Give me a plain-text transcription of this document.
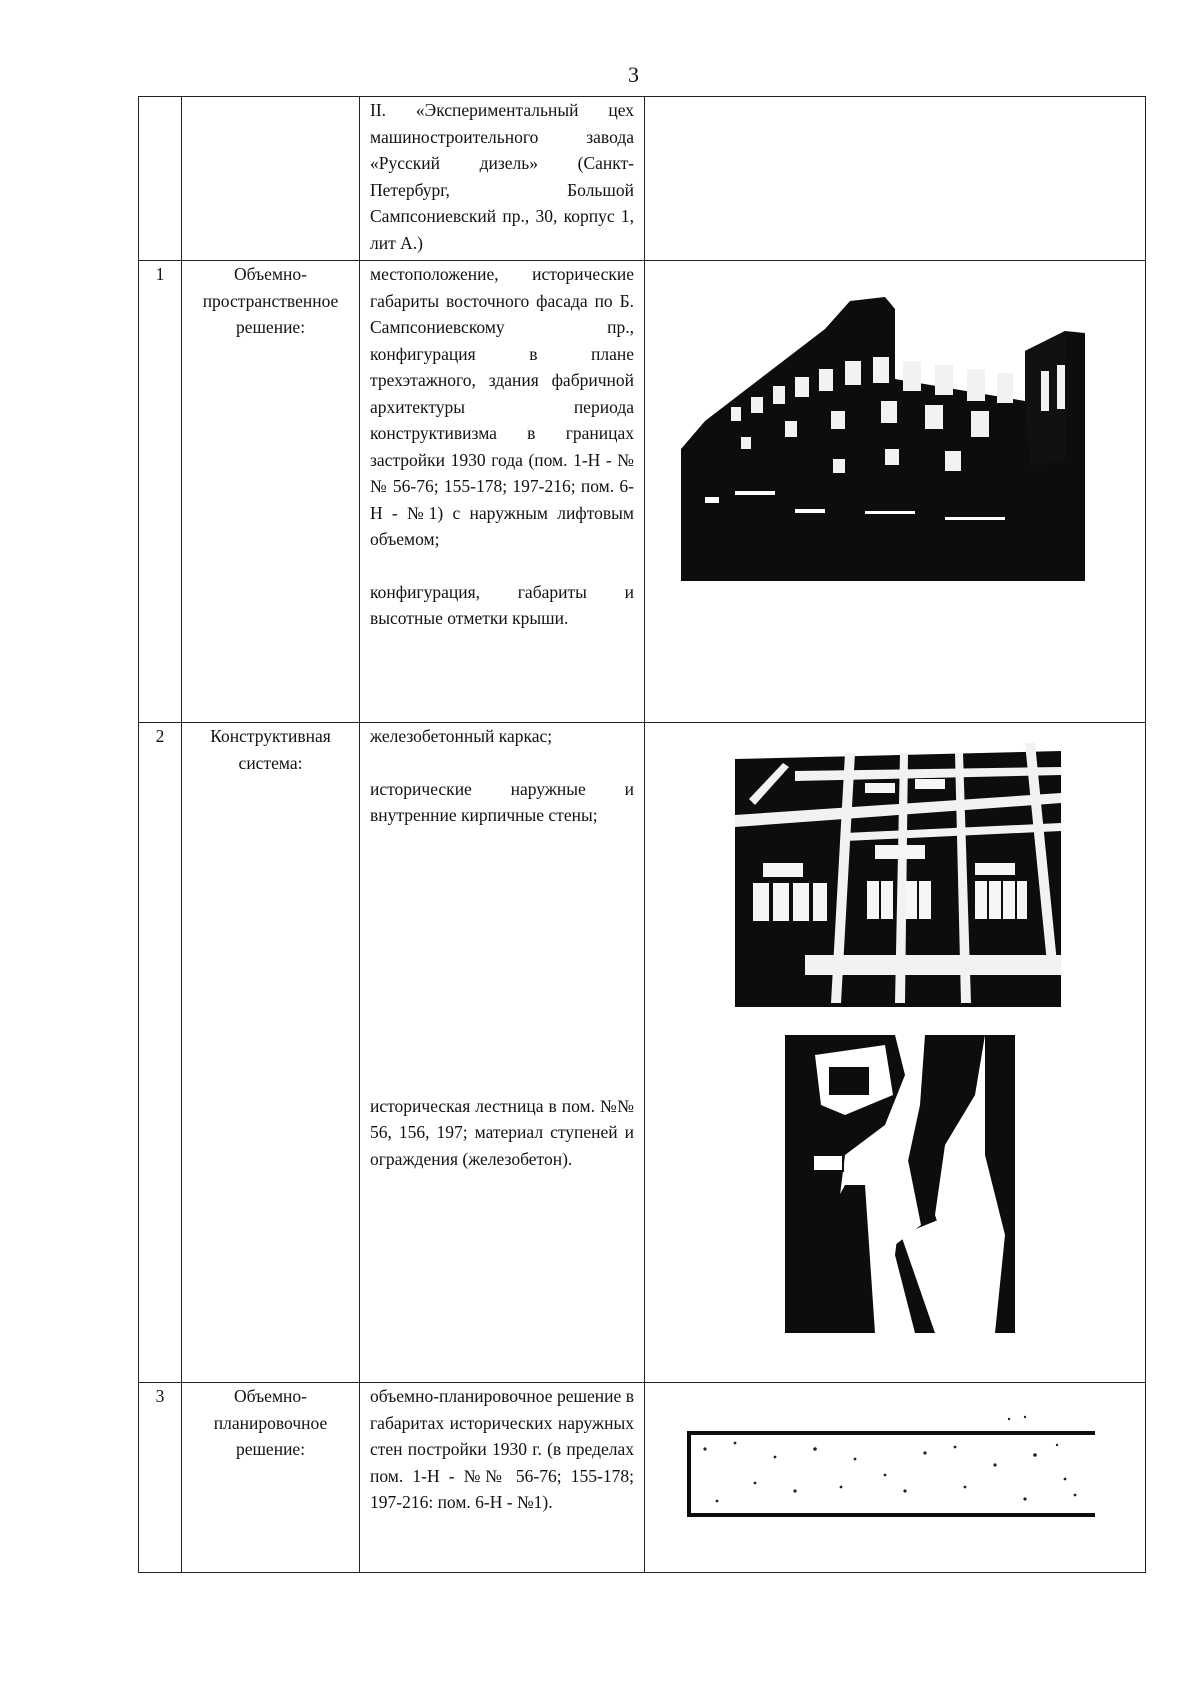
3

		II. «Экспериментальный цех машиностроительного завода «Русский дизель» (Санкт-Петербург, Большой Сампсониевский пр., 30, корпус 1, лит А.)	

1	Объемно-пространственное решение:	местоположение, исторические габариты восточного фасада по Б. Сампсониевскому пр., конфигурация в плане трехэтажного, здания фабричной архитектуры периода конструктивизма в границах застройки 1930 года (пом. 1-Н - №№ 56-76; 155-178; 197-216; пом. 6-Н - №1) с наружным лифтовым объемом;

конфигурация, габариты и высотные отметки крыши.

2	Конструктивная система:	железобетонный каркас;

исторические наружные и внутренние кирпичные стены;

историческая лестница в пом. №№ 56, 156, 197; материал ступеней и ограждения (железобетон).

3	Объемно-планировочное решение:	объемно-планировочное решение в габаритах исторических наружных стен постройки 1930 г. (в пределах пом. 1-Н - №№ 56-76; 155-178; 197-216: пом. 6-Н - №1).
